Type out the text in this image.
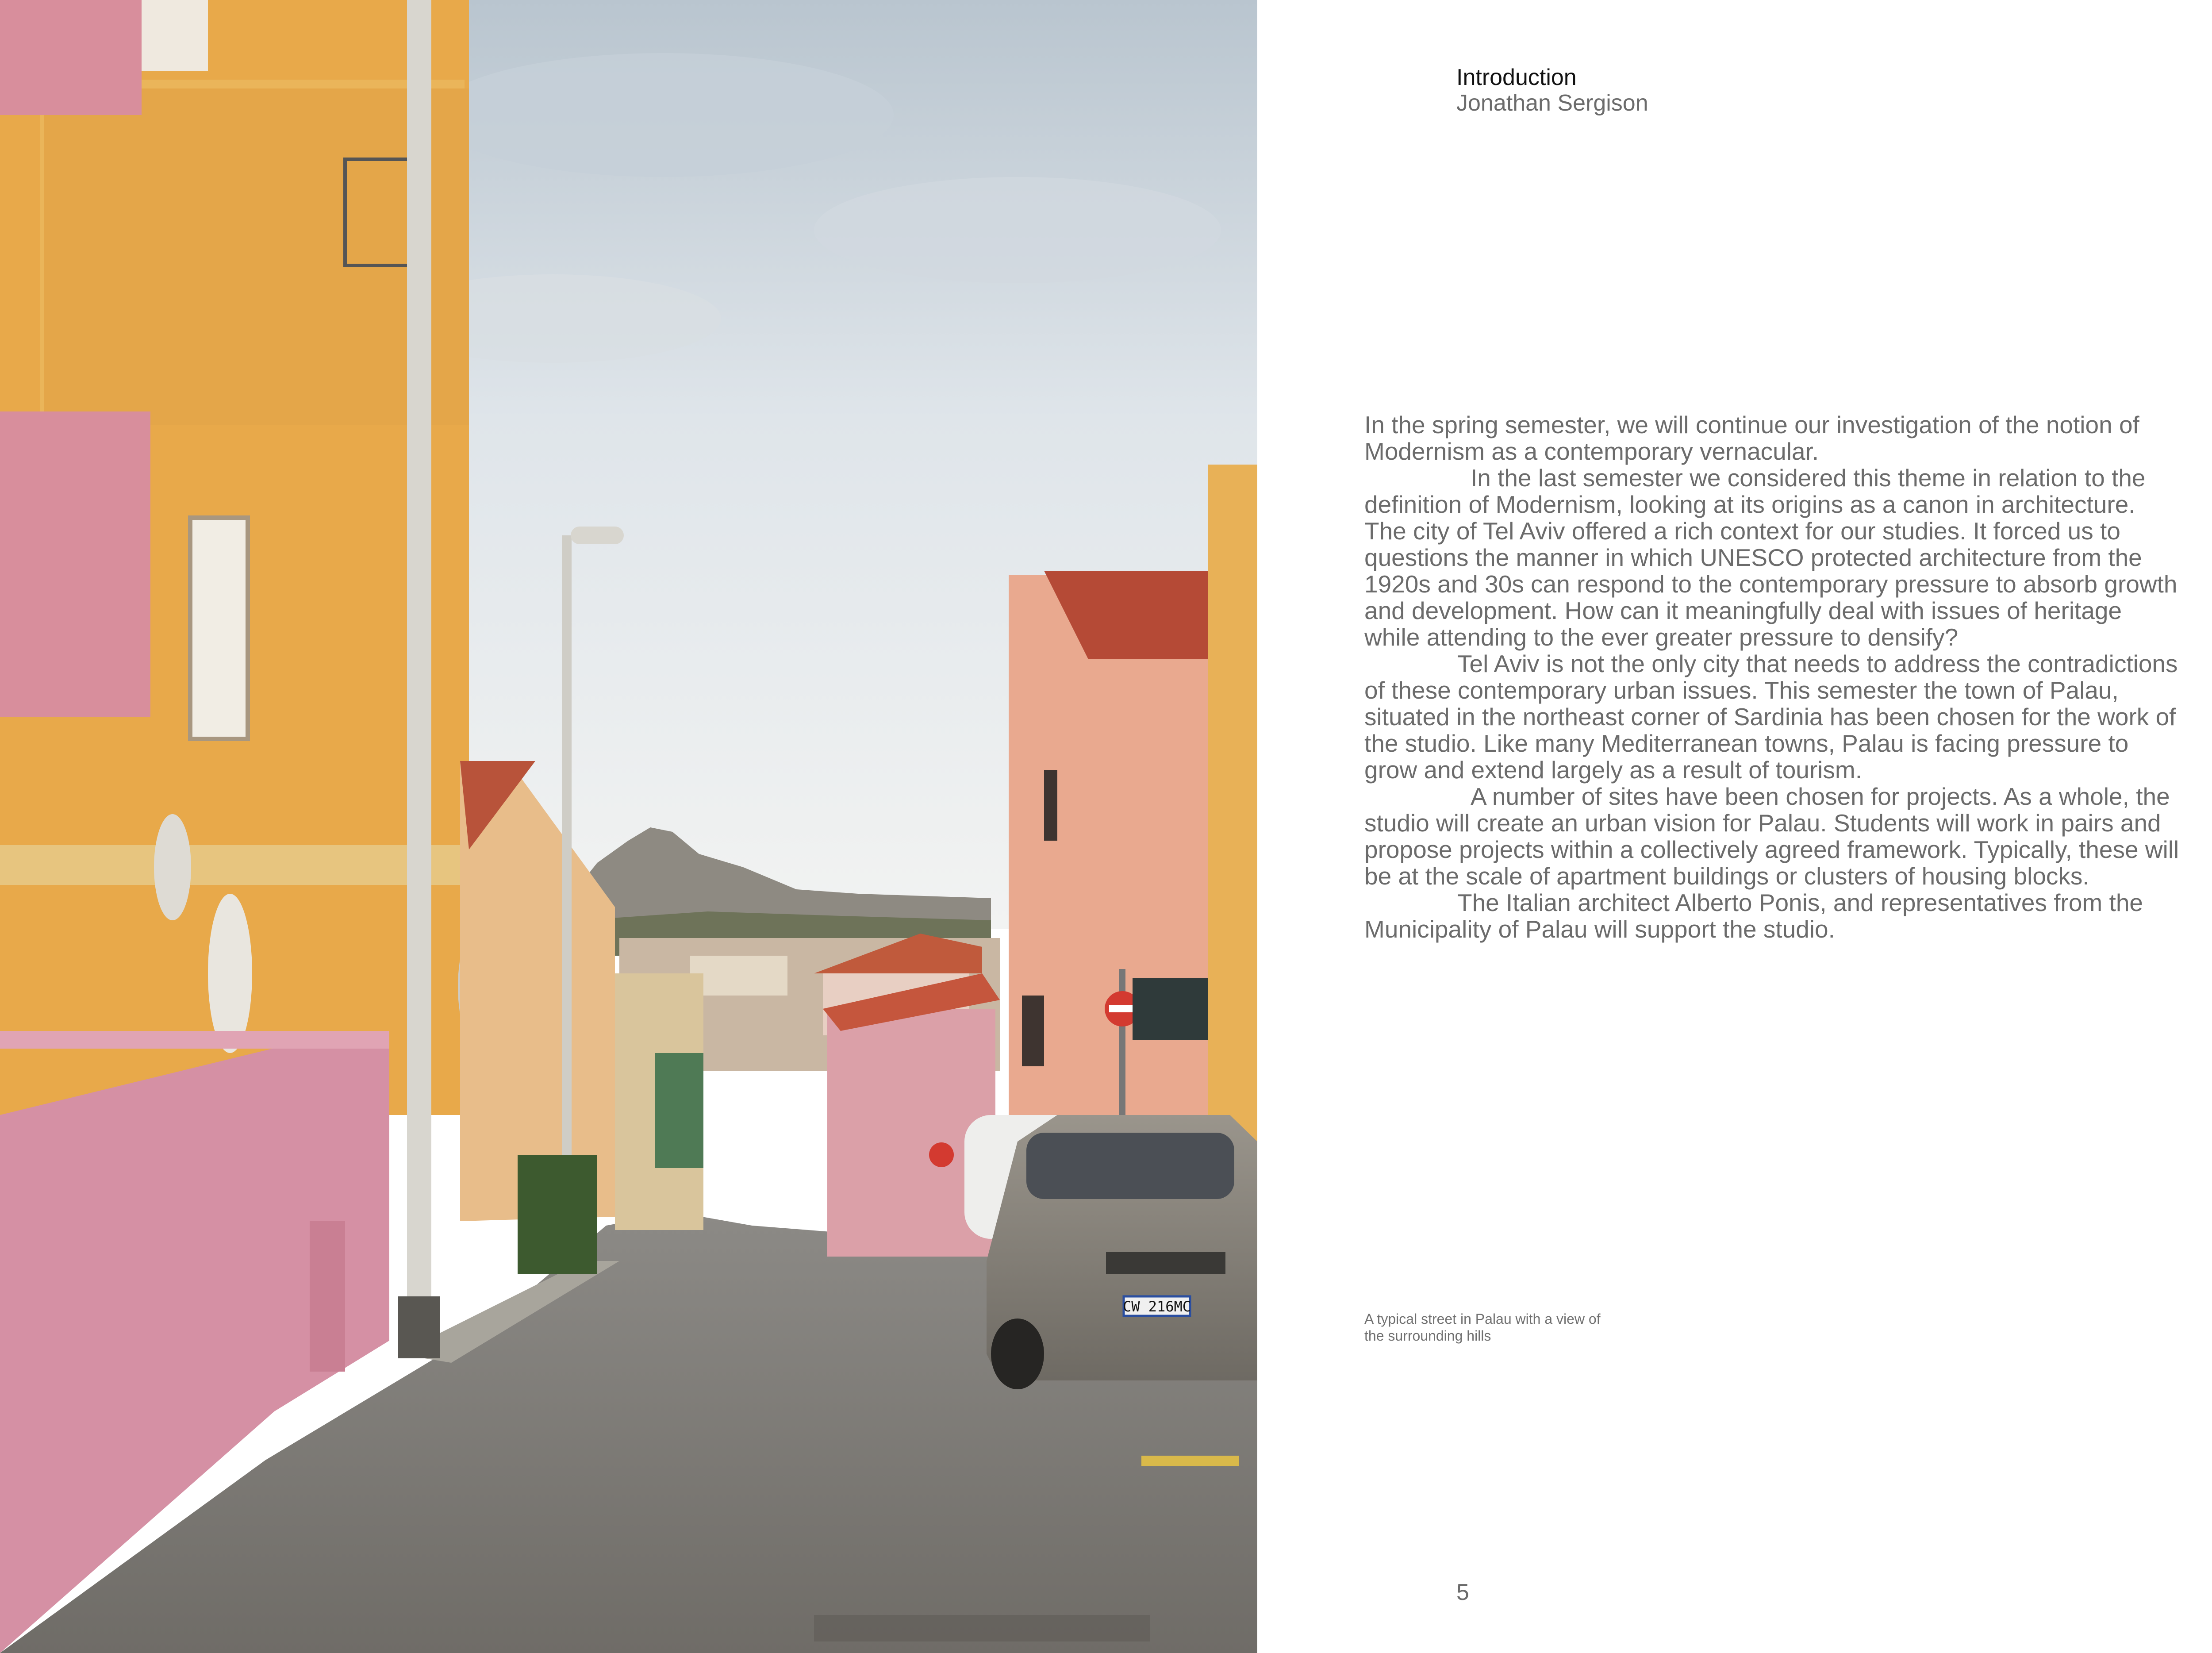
CW 216MC
Introduction

Jonathan Sergison

In the spring semester, we will continue our investigation of the notion of Modernism as a contemporary vernacular.

In the last semester we considered this theme in relation to the definition of Modernism, looking at its origins as a canon in architecture. The city of Tel Aviv offered a rich context for our studies. It forced us to questions the manner in which UNESCO protected architecture from the 1920s and 30s can respond to the contemporary pressure to absorb growth and development. How can it meaningfully deal with issues of heritage while attending to the ever greater pressure to densify?

Tel Aviv is not the only city that needs to address the contradictions of these contemporary urban issues. This semester the town of Palau, situated in the northeast corner of Sardinia has been chosen for the work of the studio. Like many Mediterranean towns, Palau is facing pressure to grow and extend largely as a result of tourism.

A number of sites have been chosen for projects. As a whole, the studio will create an urban vision for Palau. Students will work in pairs and propose projects within a collectively agreed framework. Typically, these will be at the scale of apartment buildings or clusters of housing blocks.

The Italian architect Alberto Ponis, and representatives from the Municipality of Palau will support the studio.

A typical street in Palau with a view of the surrounding hills
5
